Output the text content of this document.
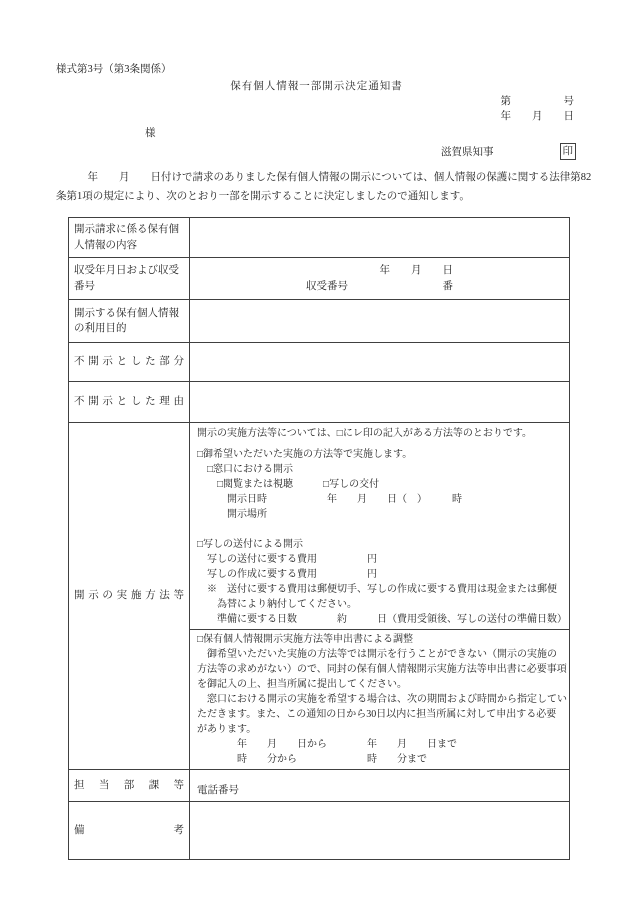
様式第3号（第3条関係）
保有個人情報一部開示決定通知書
第　　　　　号
年　　月　　日
様
滋賀県知事	印
　　　年　　月　　日付けで請求のありました保有個人情報の開示については、個人情報の保護に関する法律第82
条第1項の規定により、次のとおり一部を開示することに決定しましたので通知します。
開示請求に係る保有個人情報の内容
収受年月日および収受番号
年　　月　　日
収受番号　　　　　　　　　番
開示する保有個人情報の利用目的
不開示とした部分
不開示とした理由
開示の実施方法等
開示の実施方法等については、□にレ印の記入がある方法等のとおりです。
□御希望いただいた実施の方法等で実施します。
　□窓口における開示
　　□閲覧または視聴　　　□写しの交付
　　　開示日時　　　　　　年　　月　　日（　）　　　時
　　　開示場所

□写しの送付による開示
　写しの送付に要する費用　　　　　円
　写しの作成に要する費用　　　　　円
　※　送付に要する費用は郵便切手、写しの作成に要する費用は現金または郵便
　　為替により納付してください。
　　準備に要する日数　　　　約　　　日（費用受領後、写しの送付の準備日数）
□保有個人情報開示実施方法等申出書による調整
　御希望いただいた実施の方法等では開示を行うことができない（開示の実施の
方法等の求めがない）ので、同封の保有個人情報開示実施方法等申出書に必要事項
を御記入の上、担当所属に提出してください。
　窓口における開示の実施を希望する場合は、次の期間および時間から指定してい
ただきます。また、この通知の日から30日以内に担当所属に対して申出する必要
があります。
　　　　年　　月　　日から　　　　年　　月　　日まで
　　　　時　　分から　　　　　　　時　　分まで
担当部課等 電話番号
備考
